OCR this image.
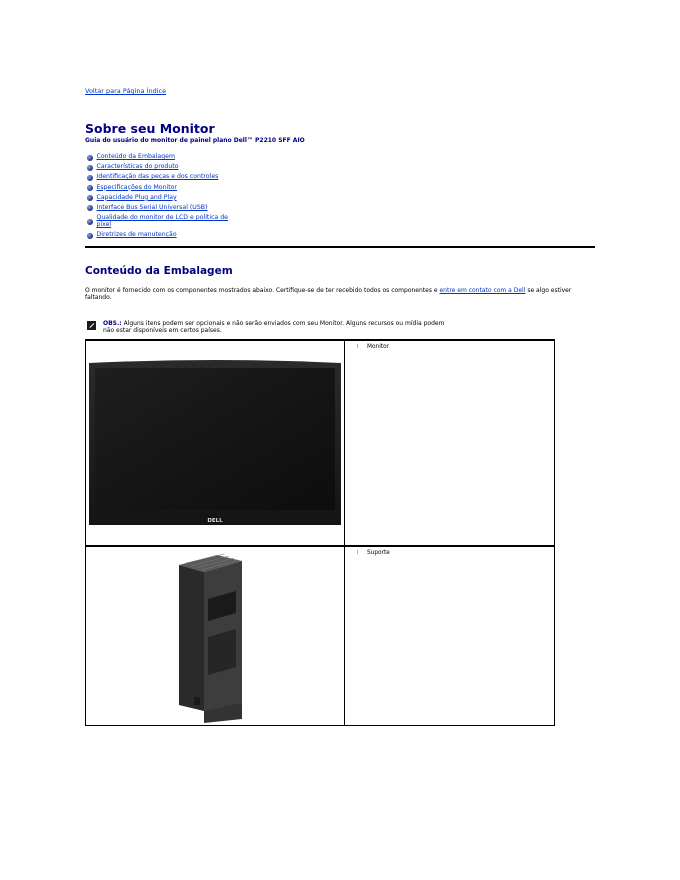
Voltar para Página Índice
Sobre seu Monitor
Guia do usuário do monitor de painel plano Dell™ P2210 SFF AIO
Conteúdo da Embalagem
Características do produto
Identificação das peças e dos controles
Especificações do Monitor
Capacidade Plug and Play
Interface Bus Serial Universal (USB)
Qualidade do monitor de LCD e política de pixel
Diretrizes de manutenção
Conteúdo da Embalagem

O monitor é fornecido com os componentes mostrados abaixo. Certifique-se de ter recebido todos os componentes e entre em contato com a Dell se algo estiver faltando.

OBS.: Alguns itens podem ser opcionais e não serão enviados com seu Monitor. Alguns recursos ou mídia podem não estar disponíveis em certos países.
DELL	l Monitor

l Suporte
